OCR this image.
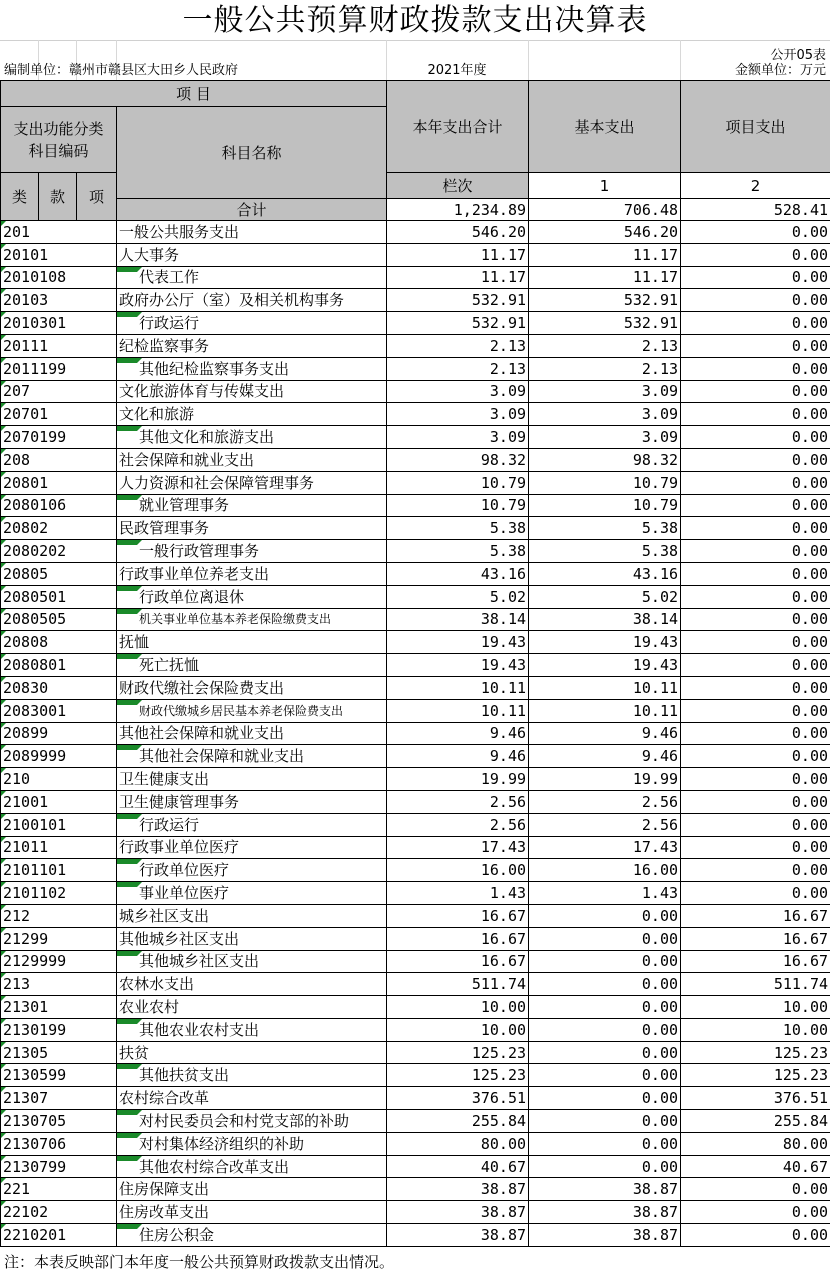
一般公共预算财政拨款支出决算表
公开05表
编制单位：赣州市赣县区大田乡人民政府	2021年度	金额单位：万元
项 目				本年支出合计	基本支出	项目支出	
支出功能分类
科目编码			科目名称				
类	款	项		栏次	1	2	
			合计	1,234.89	706.48	528.41	

201			一般公共服务支出	546.20	546.20	0.00	

20101			人大事务	11.17	11.17	0.00	

2010108			代表工作	11.17	11.17	0.00	

20103			政府办公厅（室）及相关机构事务	532.91	532.91	0.00	

2010301			行政运行	532.91	532.91	0.00	

20111			纪检监察事务	2.13	2.13	0.00	

2011199			其他纪检监察事务支出	2.13	2.13	0.00	

207			文化旅游体育与传媒支出	3.09	3.09	0.00	

20701			文化和旅游	3.09	3.09	0.00	

2070199			其他文化和旅游支出	3.09	3.09	0.00	

208			社会保障和就业支出	98.32	98.32	0.00	

20801			人力资源和社会保障管理事务	10.79	10.79	0.00	

2080106			就业管理事务	10.79	10.79	0.00	

20802			民政管理事务	5.38	5.38	0.00	

2080202			一般行政管理事务	5.38	5.38	0.00	

20805			行政事业单位养老支出	43.16	43.16	0.00	

2080501			行政单位离退休	5.02	5.02	0.00	

2080505			机关事业单位基本养老保险缴费支出	38.14	38.14	0.00	

20808			抚恤	19.43	19.43	0.00	

2080801			死亡抚恤	19.43	19.43	0.00	

20830			财政代缴社会保险费支出	10.11	10.11	0.00	

2083001			财政代缴城乡居民基本养老保险费支出	10.11	10.11	0.00	

20899			其他社会保障和就业支出	9.46	9.46	0.00	

2089999			其他社会保障和就业支出	9.46	9.46	0.00	

210			卫生健康支出	19.99	19.99	0.00	

21001			卫生健康管理事务	2.56	2.56	0.00	

2100101			行政运行	2.56	2.56	0.00	

21011			行政事业单位医疗	17.43	17.43	0.00	

2101101			行政单位医疗	16.00	16.00	0.00	

2101102			事业单位医疗	1.43	1.43	0.00	

212			城乡社区支出	16.67	0.00	16.67	

21299			其他城乡社区支出	16.67	0.00	16.67	

2129999			其他城乡社区支出	16.67	0.00	16.67	

213			农林水支出	511.74	0.00	511.74	

21301			农业农村	10.00	0.00	10.00	

2130199			其他农业农村支出	10.00	0.00	10.00	

21305			扶贫	125.23	0.00	125.23	

2130599			其他扶贫支出	125.23	0.00	125.23	

21307			农村综合改革	376.51	0.00	376.51	

2130705			对村民委员会和村党支部的补助	255.84	0.00	255.84	

2130706			对村集体经济组织的补助	80.00	0.00	80.00	

2130799			其他农村综合改革支出	40.67	0.00	40.67	

221			住房保障支出	38.87	38.87	0.00	

22102			住房改革支出	38.87	38.87	0.00	

2210201			住房公积金	38.87	38.87	0.00	
注：本表反映部门本年度一般公共预算财政拨款支出情况。
